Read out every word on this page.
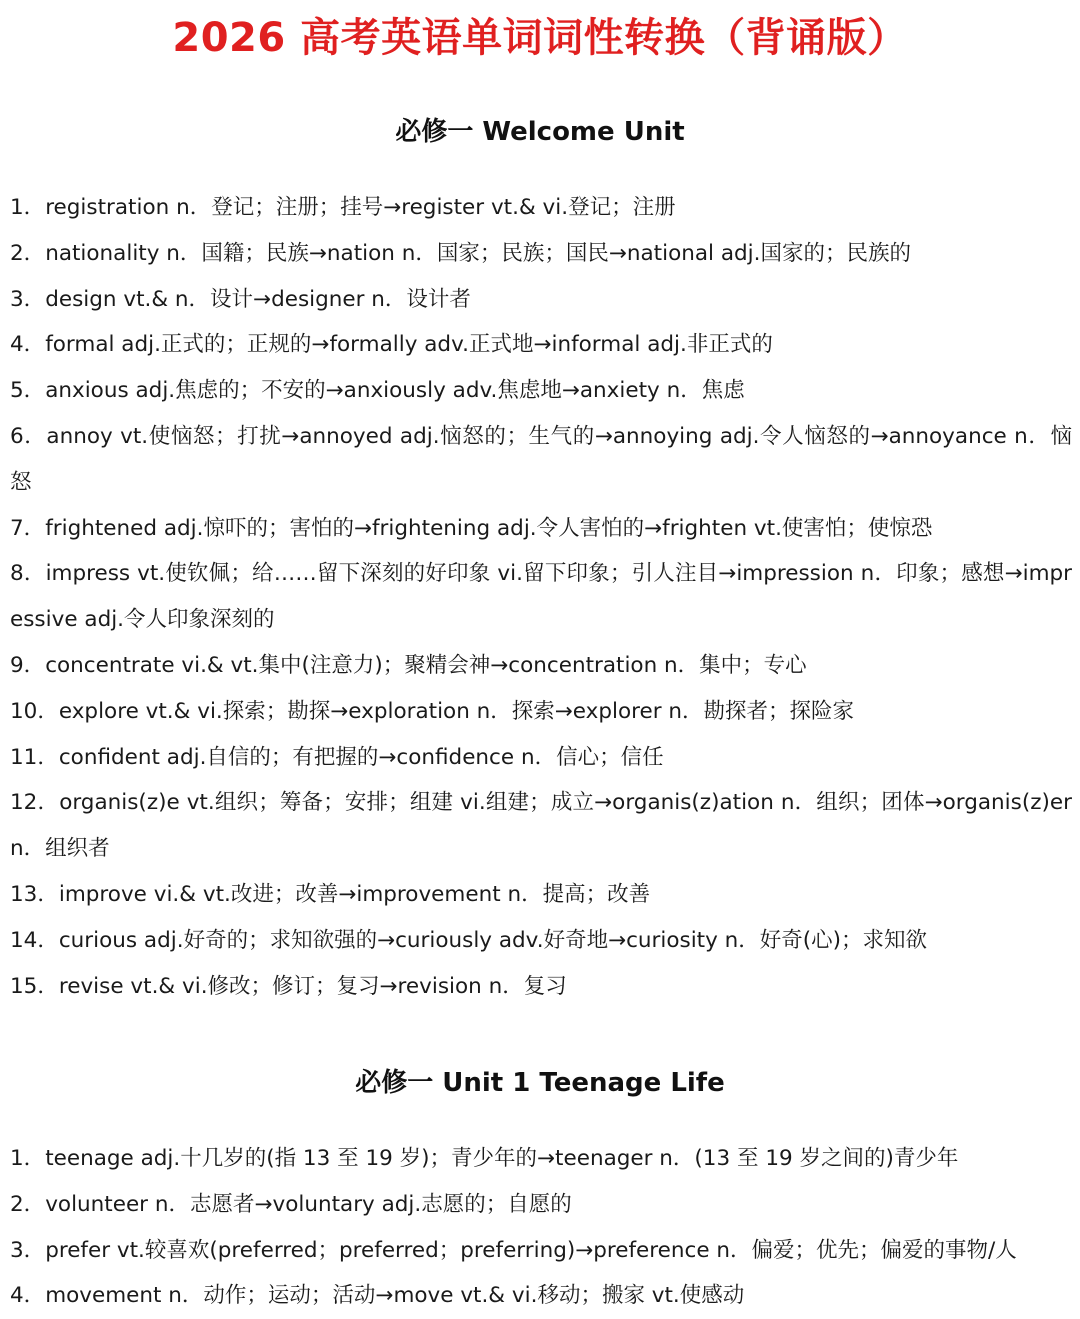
2026 高考英语单词词性转换（背诵版）
必修一 Welcome Unit
1．registration n．登记；注册；挂号→register vt.& vi.登记；注册
2．nationality n．国籍；民族→nation n．国家；民族；国民→national adj.国家的；民族的
3．design vt.& n．设计→designer n．设计者
4．formal adj.正式的；正规的→formally adv.正式地→informal adj.非正式的
5．anxious adj.焦虑的；不安的→anxiously adv.焦虑地→anxiety n．焦虑
6．annoy vt.使恼怒；打扰→annoyed adj.恼怒的；生气的→annoying adj.令人恼怒的→annoyance n．恼怒
7．frightened adj.惊吓的；害怕的→frightening adj.令人害怕的→frighten vt.使害怕；使惊恐
8．impress vt.使钦佩；给……留下深刻的好印象 vi.留下印象；引人注目→impression n．印象；感想→impressive adj.令人印象深刻的
9．concentrate vi.& vt.集中(注意力)；聚精会神→concentration n．集中；专心
10．explore vt.& vi.探索；勘探→exploration n．探索→explorer n．勘探者；探险家
11．confident adj.自信的；有把握的→confidence n．信心；信任
12．organis(z)e vt.组织；筹备；安排；组建 vi.组建；成立→organis(z)ation n．组织；团体→organis(z)er n．组织者
13．improve vi.& vt.改进；改善→improvement n．提高；改善
14．curious adj.好奇的；求知欲强的→curiously adv.好奇地→curiosity n．好奇(心)；求知欲
15．revise vt.& vi.修改；修订；复习→revision n．复习
必修一 Unit 1 Teenage Life
1．teenage adj.十几岁的(指 13 至 19 岁)；青少年的→teenager n．(13 至 19 岁之间的)青少年
2．volunteer n．志愿者→voluntary adj.志愿的；自愿的
3．prefer vt.较喜欢(preferred；preferred；preferring)→preference n．偏爱；优先；偏爱的事物/人
4．movement n．动作；运动；活动→move vt.& vi.移动；搬家 vt.使感动
